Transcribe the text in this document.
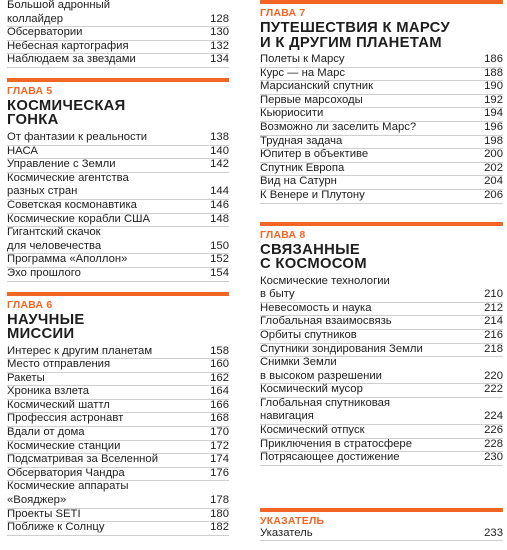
Большой адронный
коллайдер	128
Обсерватории	130
Небесная картография	132
Наблюдаем за звездами	134
ГЛАВА 5
КОСМИЧЕСКАЯ
ГОНКА
От фантазии к реальности	138
НАСА	140
Управление с Земли	142
Космические агентства
разных стран	144
Советская космонавтика	146
Космические корабли США	148
Гигантский скачок
для человечества	150
Программа «Аполлон»	152
Эхо прошлого	154
ГЛАВА 6
НАУЧНЫЕ
МИССИИ
Интерес к другим планетам	158
Место отправления	160
Ракеты	162
Хроника взлета	164
Космический шаттл	166
Профессия астронавт	168
Вдали от дома	170
Космические станции	172
Подсматривая за Вселенной	174
Обсерватория Чандра	176
Космические аппараты
«Вояджер»	178
Проекты SETI	180
Поближе к Солнцу	182
ГЛАВА 7
ПУТЕШЕСТВИЯ К МАРСУ
И К ДРУГИМ ПЛАНЕТАМ
Полеты к Марсу	186
Курс — на Марс	188
Марсианский спутник	190
Первые марсоходы	192
Кьюриосити	194
Возможно ли заселить Марс?	196
Трудная задача	198
Юпитер в объективе	200
Спутник Европа	202
Вид на Сатурн	204
К Венере и Плутону	206
ГЛАВА 8
СВЯЗАННЫЕ
С КОСМОСОМ
Космические технологии
в быту	210
Невесомость и наука	212
Глобальная взаимосвязь	214
Орбиты спутников	216
Спутники зондирования Земли	218
Снимки Земли
в высоком разрешении	220
Космический мусор	222
Глобальная спутниковая
навигация	224
Космический отпуск	226
Приключения в стратосфере	228
Потрясающее достижение	230
УКАЗАТЕЛЬ
Указатель	233
